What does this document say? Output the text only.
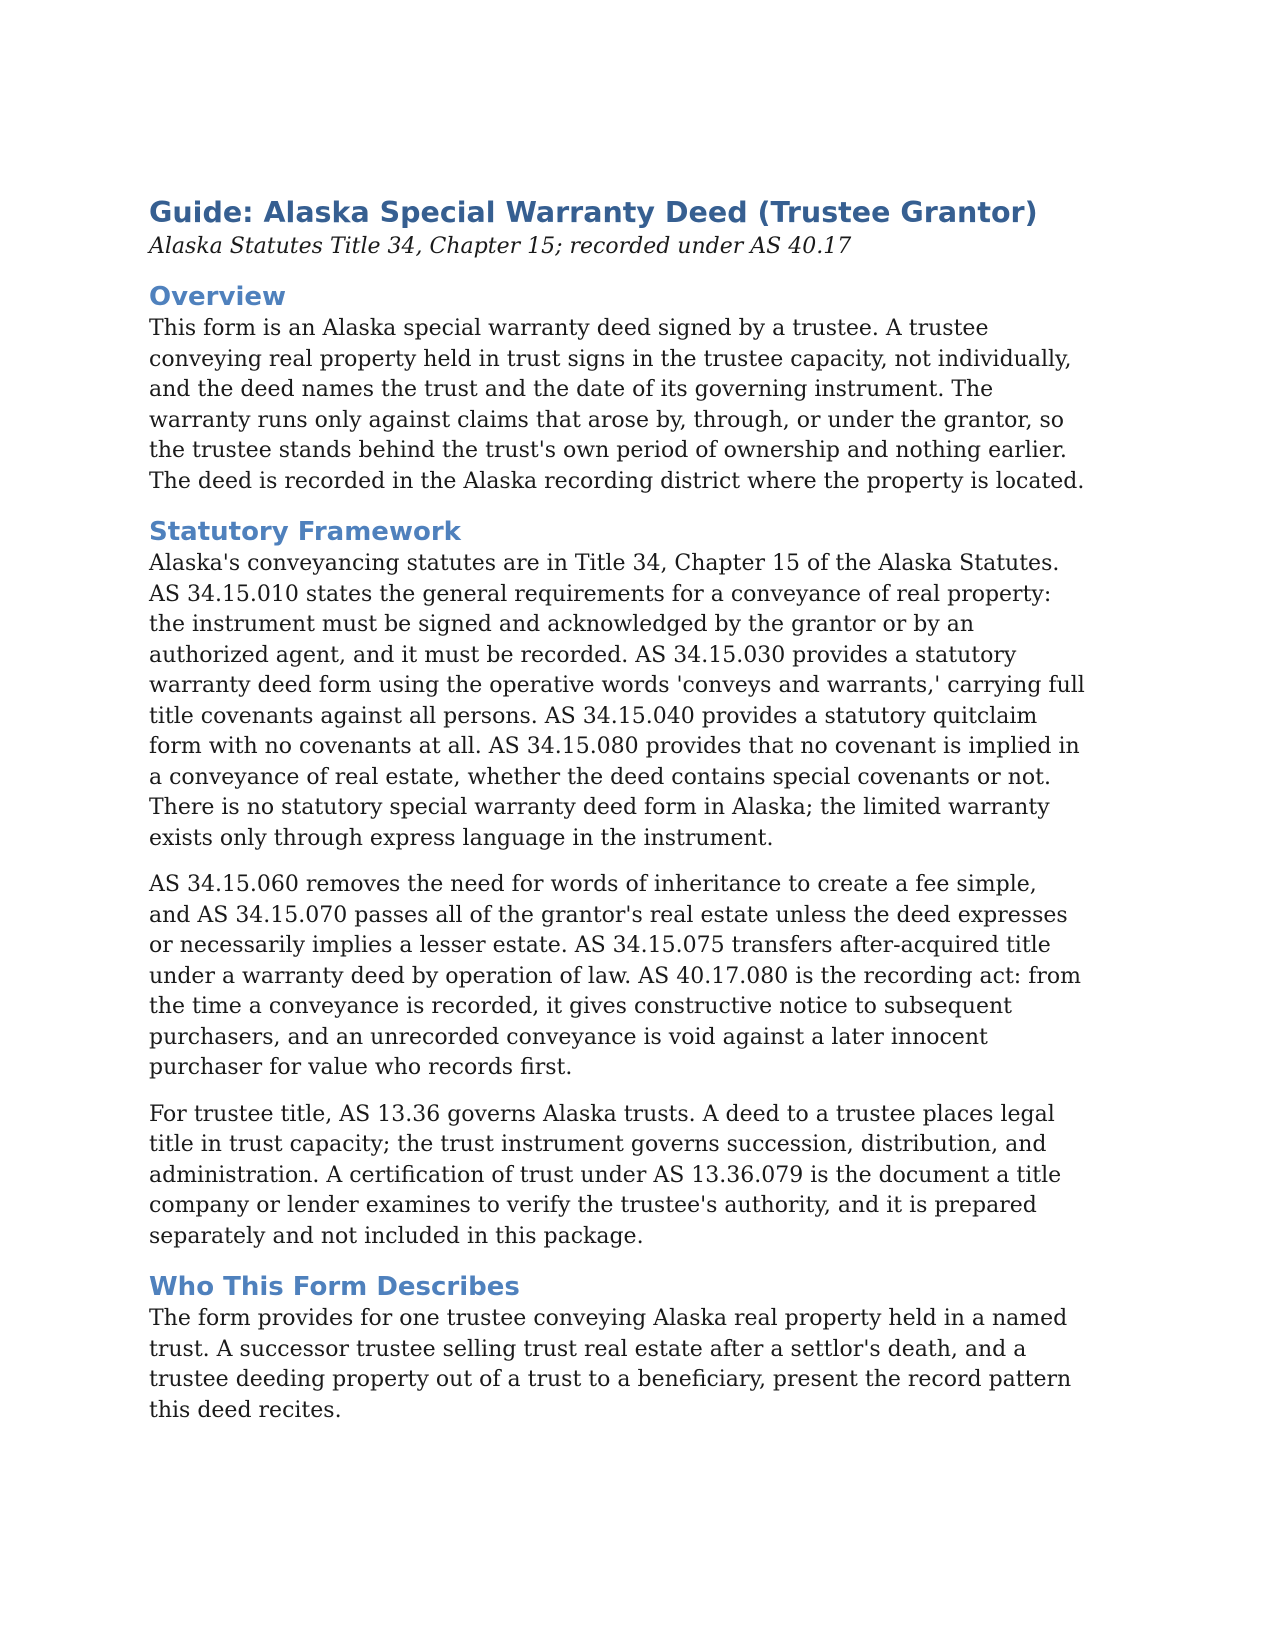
Guide: Alaska Special Warranty Deed (Trustee Grantor)
Alaska Statutes Title 34, Chapter 15; recorded under AS 40.17
Overview

This form is an Alaska special warranty deed signed by a trustee. A trustee
conveying real property held in trust signs in the trustee capacity, not individually,
and the deed names the trust and the date of its governing instrument. The
warranty runs only against claims that arose by, through, or under the grantor, so
the trustee stands behind the trust's own period of ownership and nothing earlier.
The deed is recorded in the Alaska recording district where the property is located.

Statutory Framework

Alaska's conveyancing statutes are in Title 34, Chapter 15 of the Alaska Statutes.
AS 34.15.010 states the general requirements for a conveyance of real property:
the instrument must be signed and acknowledged by the grantor or by an
authorized agent, and it must be recorded. AS 34.15.030 provides a statutory
warranty deed form using the operative words 'conveys and warrants,' carrying full
title covenants against all persons. AS 34.15.040 provides a statutory quitclaim
form with no covenants at all. AS 34.15.080 provides that no covenant is implied in
a conveyance of real estate, whether the deed contains special covenants or not.
There is no statutory special warranty deed form in Alaska; the limited warranty
exists only through express language in the instrument.

AS 34.15.060 removes the need for words of inheritance to create a fee simple,
and AS 34.15.070 passes all of the grantor's real estate unless the deed expresses
or necessarily implies a lesser estate. AS 34.15.075 transfers after-acquired title
under a warranty deed by operation of law. AS 40.17.080 is the recording act: from
the time a conveyance is recorded, it gives constructive notice to subsequent
purchasers, and an unrecorded conveyance is void against a later innocent
purchaser for value who records first.

For trustee title, AS 13.36 governs Alaska trusts. A deed to a trustee places legal
title in trust capacity; the trust instrument governs succession, distribution, and
administration. A certification of trust under AS 13.36.079 is the document a title
company or lender examines to verify the trustee's authority, and it is prepared
separately and not included in this package.

Who This Form Describes

The form provides for one trustee conveying Alaska real property held in a named
trust. A successor trustee selling trust real estate after a settlor's death, and a
trustee deeding property out of a trust to a beneficiary, present the record pattern
this deed recites.
